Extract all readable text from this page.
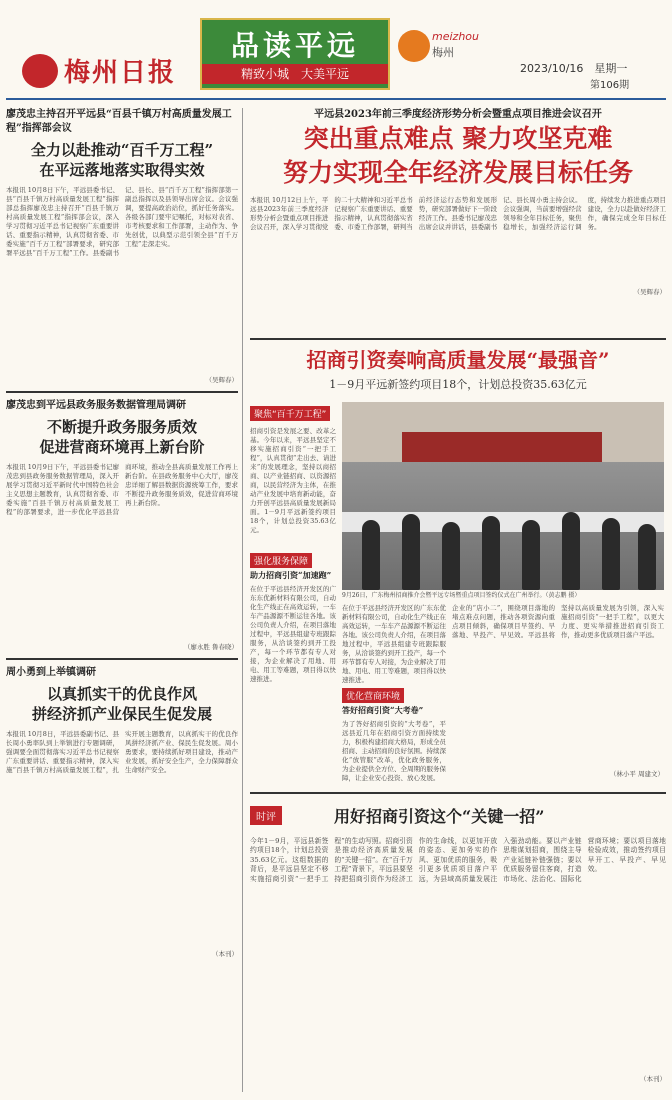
梅州日报
品读平远
精致小城　大美平远
meizhou
梅州
2023/10/16　星期一
第106期
廖茂忠主持召开平远县“百县千镇万村高质量发展工程”指挥部会议
全力以赴推动“百千万工程”
在平远落地落实取得实效
本报讯 10月8日下午，平远县委书记、县“百县千镇万村高质量发展工程”指挥部总指挥廖茂忠主持召开“百县千镇万村高质量发展工程”指挥部会议，深入学习贯彻习近平总书记视察广东重要讲话、重要指示精神，认真贯彻省委、市委实施“百千万工程”部署要求，研究部署平远县“百千万工程”工作。县委副书记、县长、县“百千万工程”指挥部第一副总指挥以及县领导出席会议。会议强调，要提高政治站位，抓好任务落实。各级各部门要牢记嘱托，对标对表省、市考核要求和工作部署，主动作为、争先创优，以典型示范引领全县“百千万工程”走深走实。
（吴辉春）
廖茂忠到平远县政务服务数据管理局调研
不断提升政务服务质效
促进营商环境再上新台阶
本报讯 10月9日下午，平远县委书记廖茂忠到县政务服务数据管理局，深入开展学习贯彻习近平新时代中国特色社会主义思想主题教育，认真贯彻省委、市委实施“百县千镇万村高质量发展工程”的部署要求，进一步优化平远县营商环境，推动全县高质量发展工作再上新台阶。在县政务服务中心大厅，廖茂忠详细了解县数据资源统筹工作，要求不断提升政务服务质效，促进营商环境再上新台阶。
（廖永胜 鲁春晓）
周小勇到上举镇调研
以真抓实干的优良作风
拼经济抓产业保民生促发展
本报讯 10月8日，平远县委副书记、县长周小勇率队到上举镇进行专题调研，强调要全面贯彻落实习近平总书记视察广东重要讲话、重要指示精神，深入实施“百县千镇万村高质量发展工程”，扎实开展主题教育，以真抓实干的优良作风拼经济抓产业、保民生促发展。周小勇要求，要持续抓好项目建设，推动产业发展，抓好安全生产，全力保障群众生命财产安全。
（本刊）
平远县2023年前三季度经济形势分析会暨重点项目推进会议召开
突出重点难点 聚力攻坚克难
努力实现全年经济发展目标任务
本报讯 10月12日上午，平远县2023年前三季度经济形势分析会暨重点项目推进会议召开，深入学习贯彻党的二十大精神和习近平总书记视察广东重要讲话、重要指示精神，认真贯彻落实省委、市委工作部署，研判当前经济运行态势和发展形势，研究部署做好下一阶段经济工作。县委书记廖茂忠出席会议并讲话，县委副书记、县长周小勇主持会议。会议强调，当前要增强经营领导和全年目标任务，聚焦稳增长，加强经济运行调度，持续发力推进重点项目建设，全力以赴做好经济工作，确保完成全年目标任务。
（吴辉春）
招商引资奏响高质量发展“最强音”
1－9月平远新签约项目18个，计划总投资35.63亿元
聚焦“百千万工程”
招商引资是发展之要、改革之基。今年以来，平远县坚定不移实施招商引资“一把手工程”，认真贯彻“走出去、请进来”的发展理念，坚持以商招商、以产业链招商、以资源招商，以民营经济为主体，在推动产业发展中培育新动能，奋力开创平远县高质量发展新局面。1－9月平远新签约项目18个，计划总投资35.63亿元。
强化服务保障
助力招商引资“加速跑”
在位于平远县经济开发区的广东东优新材料有限公司，自动化生产线正在高效运转，一车车产品源源不断运往各地。该公司负责人介绍，在项目落地过程中，平远县组建专班跟踪服务，从洽谈签约到开工投产，每一个环节都有专人对接，为企业解决了用地、用电、用工等难题，项目得以快速推进。
9月26日，广东梅州招商推介会暨平远专场暨重点项目签约仪式在广州举行。（黄志鹏 摄）
在位于平远县经济开发区的广东东优新材料有限公司，自动化生产线正在高效运转，一车车产品源源不断运往各地。该公司负责人介绍，在项目落地过程中，平远县组建专班跟踪服务，从洽谈签约到开工投产，每一个环节都有专人对接，为企业解决了用地、用电、用工等难题，项目得以快速推进。
优化营商环境
答好招商引资“大考卷”
为了答好招商引资的“大考卷”，平远县近几年在招商引资方面持续发力，积极构建招商大格局，形成全员招商、主动招商的良好氛围。持续深化“放管服”改革，优化政务服务，为企业提供全方位、全周期的服务保障，让企业安心投资、放心发展。
企业的“店小二”，围绕项目落地的堵点难点问题，推动各项资源向重点项目倾斜，确保项目早签约、早落地、早投产、早见效。平远县将坚持以高质量发展为引领，深入实施招商引资“一把手工程”，以更大力度、更实举措推进招商引资工作，推动更多优质项目落户平远。
（林小平 周建文）
时评	用好招商引资这个“关键一招”
今年1－9月，平远县新签约项目18个，计划总投资35.63亿元。这组数据的背后，是平远县坚定不移实施招商引资“一把手工程”的生动写照。招商引资是推动经济高质量发展的“关键一招”。在“百千万工程”背景下，平远县要坚持把招商引资作为经济工作的生命线，以更加开放的姿态、更加务实的作风、更加优质的服务，吸引更多优质项目落户平远，为县域高质量发展注入强劲动能。要以产业链思维谋划招商，围绕主导产业延链补链强链；要以优质服务留住客商，打造市场化、法治化、国际化营商环境；要以项目落地检验成效，推动签约项目早开工、早投产、早见效。
（本刊）
